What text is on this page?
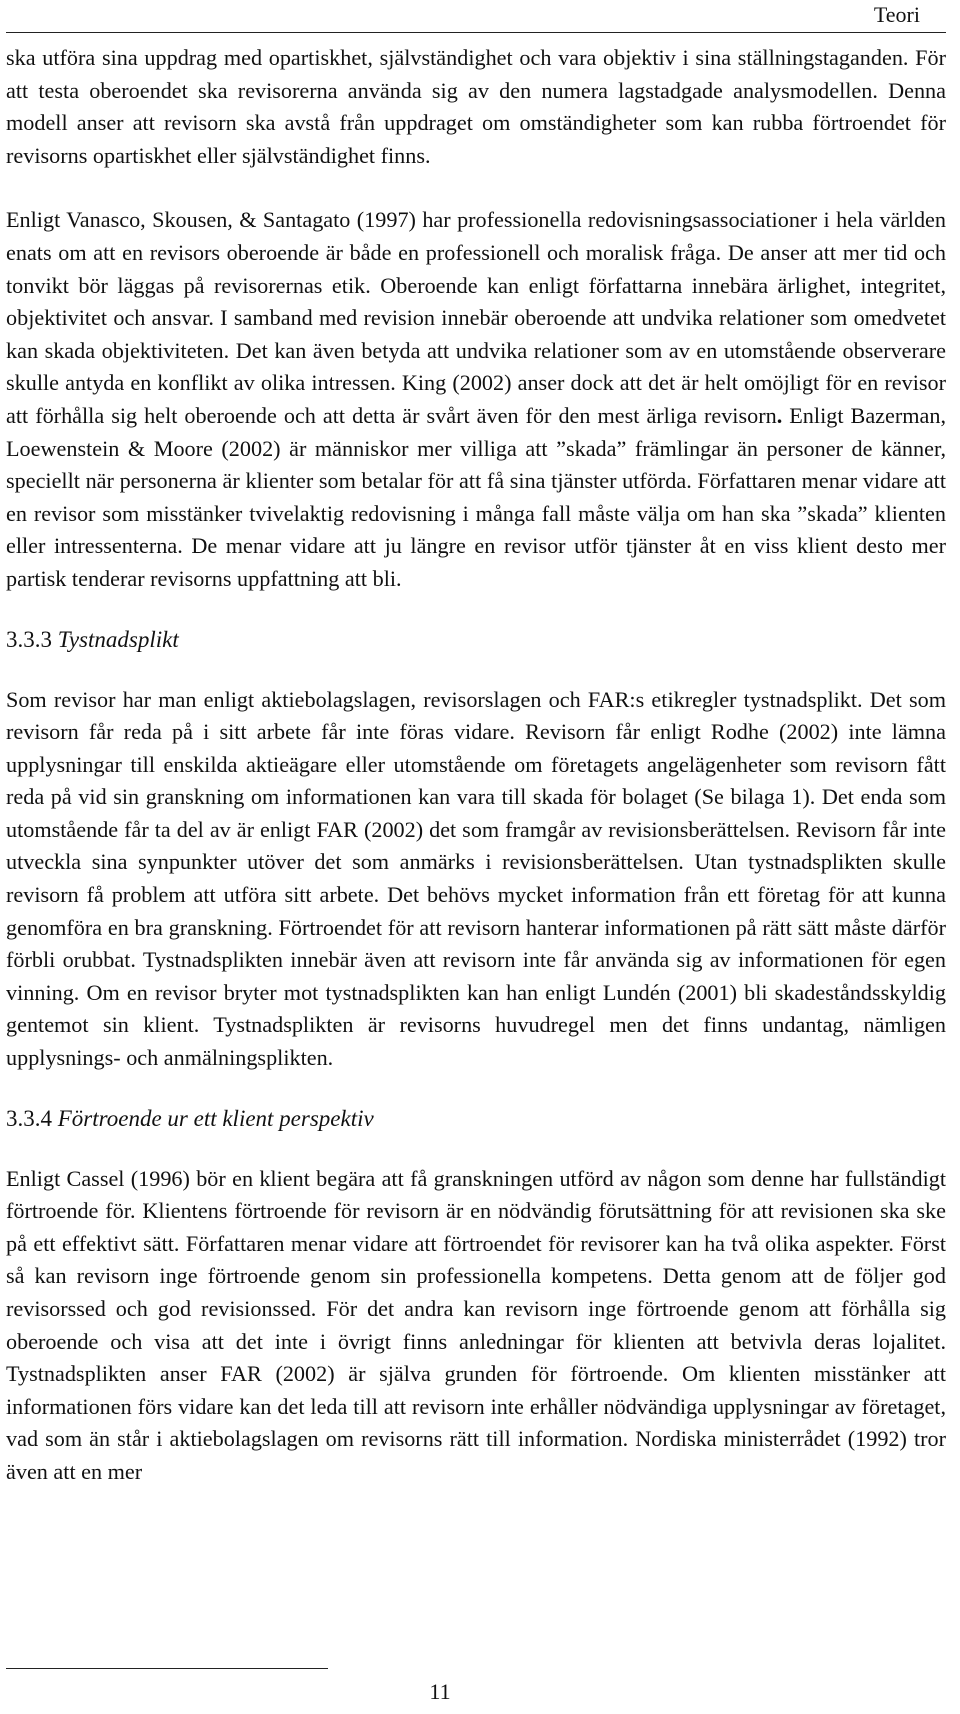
Teori

ska utföra sina uppdrag med opartiskhet, självständighet och vara objektiv i sina ställningstaganden. För att testa oberoendet ska revisorerna använda sig av den numera lagstadgade analysmodellen. Denna modell anser att revisorn ska avstå från uppdraget om omständigheter som kan rubba förtroendet för revisorns opartiskhet eller självständighet finns.

Enligt Vanasco, Skousen, & Santagato (1997) har professionella redovisningsassociationer i hela världen enats om att en revisors oberoende är både en professionell och moralisk fråga. De anser att mer tid och tonvikt bör läggas på revisorernas etik. Oberoende kan enligt författarna innebära ärlighet, integritet, objektivitet och ansvar. I samband med revision innebär oberoende att undvika relationer som omedvetet kan skada objektiviteten. Det kan även betyda att undvika relationer som av en utomstående observerare skulle antyda en konflikt av olika intressen. King (2002) anser dock att det är helt omöjligt för en revisor att förhålla sig helt oberoende och att detta är svårt även för den mest ärliga revisorn. Enligt Bazerman, Loewenstein & Moore (2002) är människor mer villiga att ”skada” främlingar än personer de känner, speciellt när personerna är klienter som betalar för att få sina tjänster utförda. Författaren menar vidare att en revisor som misstänker tvivelaktig redovisning i många fall måste välja om han ska ”skada” klienten eller intressenterna. De menar vidare att ju längre en revisor utför tjänster åt en viss klient desto mer partisk tenderar revisorns uppfattning att bli.

3.3.3 Tystnadsplikt

Som revisor har man enligt aktiebolagslagen, revisorslagen och FAR:s etikregler tystnadsplikt. Det som revisorn får reda på i sitt arbete får inte föras vidare. Revisorn får enligt Rodhe (2002) inte lämna upplysningar till enskilda aktieägare eller utomstående om företagets angelägenheter som revisorn fått reda på vid sin granskning om informationen kan vara till skada för bolaget (Se bilaga 1). Det enda som utomstående får ta del av är enligt FAR (2002) det som framgår av revisionsberättelsen. Revisorn får inte utveckla sina synpunkter utöver det som anmärks i revisionsberättelsen. Utan tystnadsplikten skulle revisorn få problem att utföra sitt arbete. Det behövs mycket information från ett företag för att kunna genomföra en bra granskning. Förtroendet för att revisorn hanterar informationen på rätt sätt måste därför förbli orubbat. Tystnadsplikten innebär även att revisorn inte får använda sig av informationen för egen vinning. Om en revisor bryter mot tystnadsplikten kan han enligt Lundén (2001) bli skadeståndsskyldig gentemot sin klient. Tystnadsplikten är revisorns huvudregel men det finns undantag, nämligen upplysnings- och anmälningsplikten.

3.3.4 Förtroende ur ett klient perspektiv

Enligt Cassel (1996) bör en klient begära att få granskningen utförd av någon som denne har fullständigt förtroende för. Klientens förtroende för revisorn är en nödvändig förutsättning för att revisionen ska ske på ett effektivt sätt. Författaren menar vidare att förtroendet för revisorer kan ha två olika aspekter. Först så kan revisorn inge förtroende genom sin professionella kompetens. Detta genom att de följer god revisorssed och god revisionssed. För det andra kan revisorn inge förtroende genom att förhålla sig oberoende och visa att det inte i övrigt finns anledningar för klienten att betvivla deras lojalitet. Tystnadsplikten anser FAR (2002) är själva grunden för förtroende. Om klienten misstänker att informationen förs vidare kan det leda till att revisorn inte erhåller nödvändiga upplysningar av företaget, vad som än står i aktiebolagslagen om revisorns rätt till information. Nordiska ministerrådet (1992) tror även att en mer

11
